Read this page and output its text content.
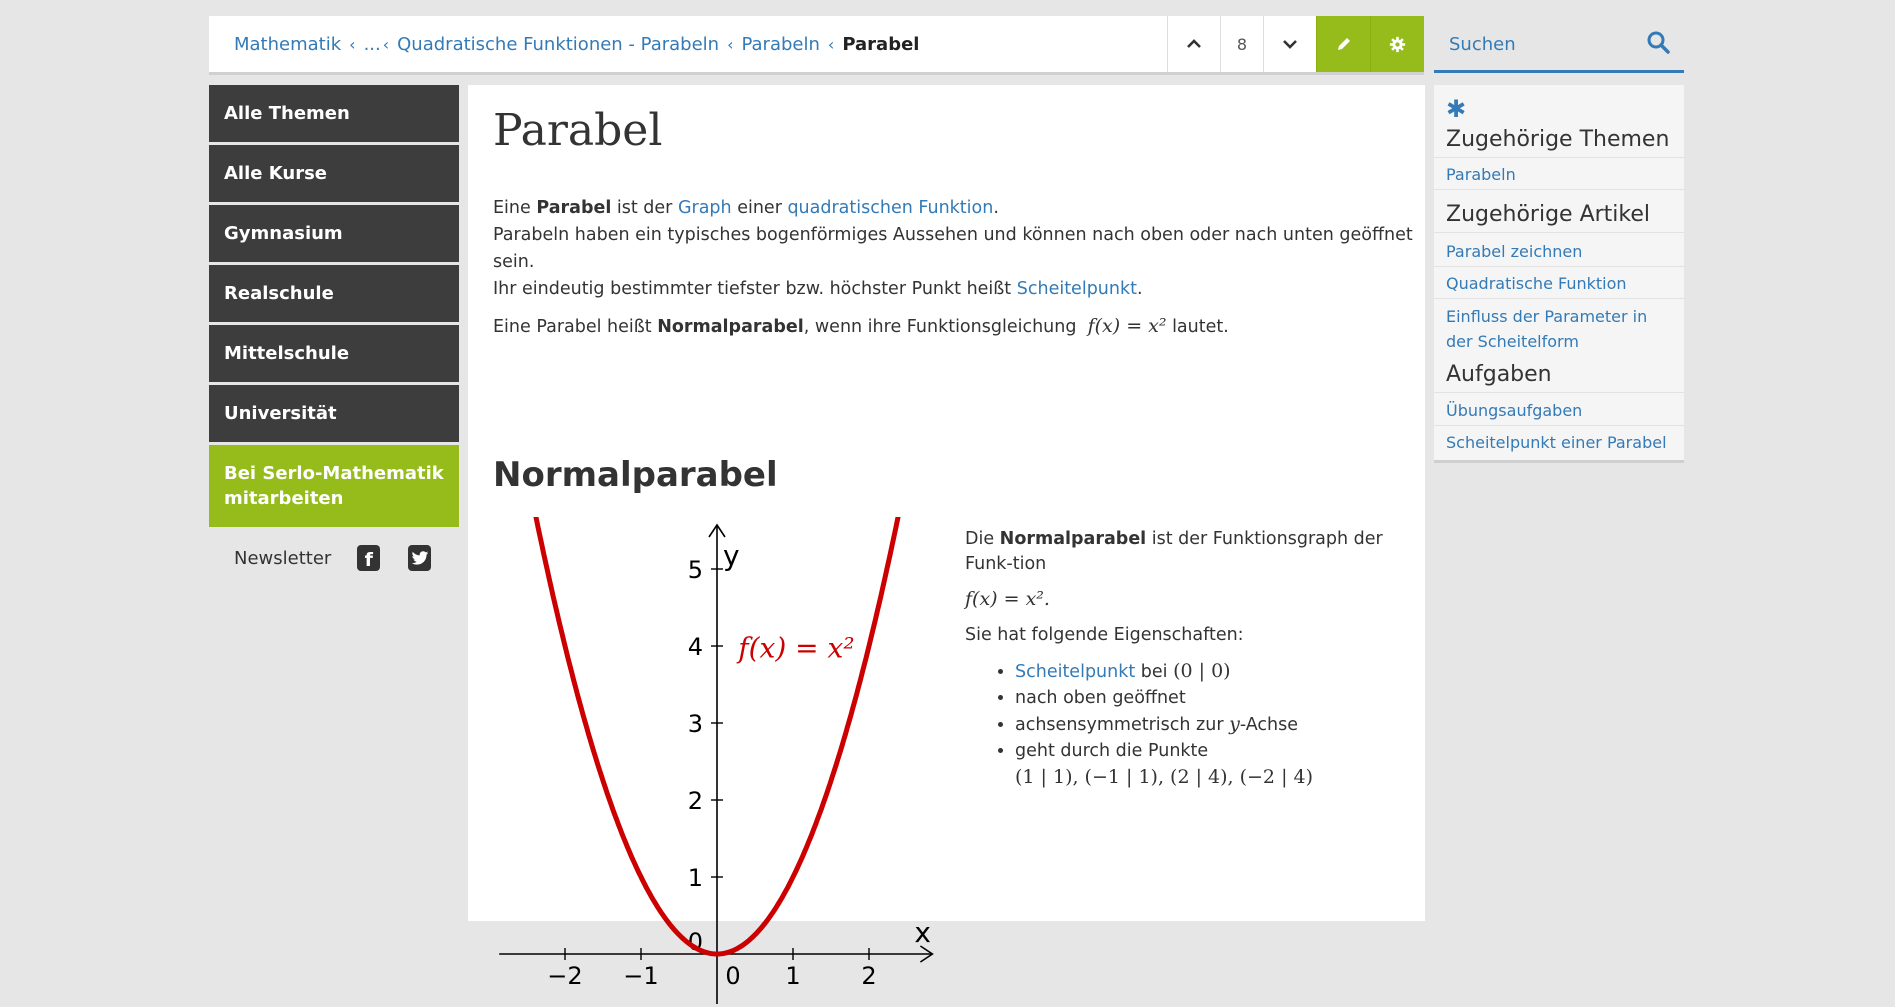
Mathematik ‹ ... ‹ Quadratische Funktionen - Parabeln ‹ Parabeln ‹ Parabel	8
Suchen
Alle Themen
Alle Kurse
Gymnasium
Realschule
Mittelschule
Universität
Bei Serlo-Mathematik mitarbeiten
Newsletter	f
Parabel

Eine Parabel ist der Graph einer quadratischen Funktion.

Parabeln haben ein typisches bogenförmiges Aussehen und können nach oben oder nach unten geöffnet sein.

Ihr eindeutig bestimmter tiefster bzw. höchster Punkt heißt Scheitelpunkt.

Eine Parabel heißt Normalparabel, wenn ihre Funktionsgleichung  f(x) = x² lautet.

Normalparabel
−2 −1	0 1	2
0
1
2
3
4
5
x
y
f(x) = x²

Die Normalparabel ist der Funktionsgraph der Funk-tion

f(x) = x².

Sie hat folgende Eigenschaften:

• Scheitelpunkt bei (0 | 0)
• nach oben geöffnet
• achsensymmetrisch zur y-Achse
• geht durch die Punkte
(1 | 1), (−1 | 1), (2 | 4), (−2 | 4)
✱
Zugehörige Themen
Parabeln
Zugehörige Artikel
Parabel zeichnen
Quadratische Funktion
Einfluss der Parameter in der Scheitelform
Aufgaben
Übungsaufgaben
Scheitelpunkt einer Parabel
